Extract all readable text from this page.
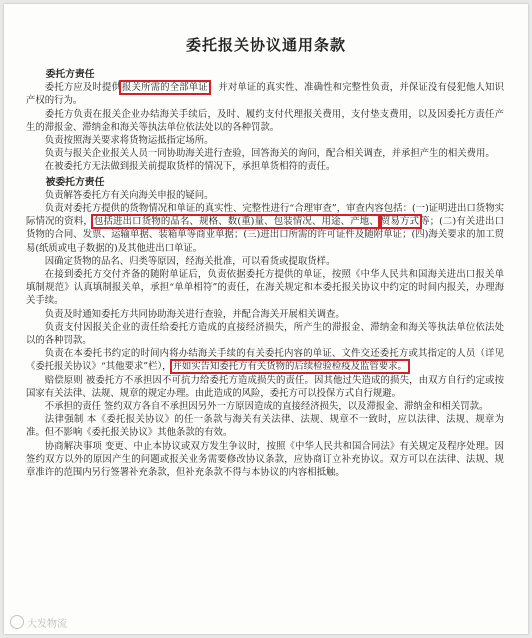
委托报关协议通用条款
委托方责任

委托方应及时提供报关所需的全部单证，并对单证的真实性、准确性和完整性负责，并保证没有侵犯他人知识产权的行为。

委托方负责在报关企业办结海关手续后，及时、履约支付代理报关费用，支付垫支费用，以及因委托方责任产生的滞报金、滞纳金和海关等执法单位依法处以的各种罚款。

负责按照海关要求将货物运抵指定场所。

负责与报关企业报关人员一同协助海关进行查验，回答海关的询问，配合相关调查，并承担产生的相关费用。

在被委托方无法做到报关前提取货样的情况下，承担单货相符的责任。

被委托方责任

负责解答委托方有关向海关申报的疑问。

负责对委托方提供的货物情况和单证的真实性、完整性进行“合理审查”，审查内容包括：(一)证明进出口货物实际情况的资料，包括进出口货物的品名、规格、数(重)量、包装情况、用途、产地、 贸易方式等；(二)有关进出口货物的合同、发票、运输单据、装箱单等商业单据；(三)进出口所需的许可证件及随附单证；(四)海关要求的加工贸易(纸质或电子数据的)及其他进出口单证。

因确定货物的品名、归类等原因，经海关批准，可以看货或提取货样。

在接到委托方交付齐备的随附单证后，负责依据委托方提供的单证，按照《中华人民共和国海关进出口报关单填制规范》认真填制报关单，承担“单单相符”的责任，在海关规定和本委托报关协议中约定的时间内报关，办理海关手续。

负责及时通知委托方共同协助海关进行查验，并配合海关开展相关调查。

负责支付因报关企业的责任给委托方造成的直接经济损失，所产生的滞报金、滞纳金和海关等执法单位依法处以的各种罚款。

负责在本委托书约定的时间内将办结海关手续的有关委托内容的单证、文件交还委托方或其指定的人员（详见《委托报关协议》“其他要求”栏），并如实告知委托方有关货物的后续检验检疫及监管要求。

赔偿原则 被委托方不承担因不可抗力给委托方造成损失的责任。因其他过失造成的损失，由双方自行约定或按国家有关法律、法规、规章的规定办理。由此造成的风险，委托方可以投保方式自行规避。

不承担的责任 签约双方各自不承担因另外一方原因造成的直接经济损失，以及滞报金、滞纳金和相关罚款。

法律强制 本《委托报关协议》的任一条款与海关有关法律、法规、规章不一致时，应以法律、法规、规章为准。但不影响《委托报关协议》其他条款的有效。

协商解决事项 变更、中止本协议或双方发生争议时，按照《中华人民共和国合同法》有关规定及程序处理。因签约双方以外的原因产生的问题或报关业务需要修改协议条款，应协商订立补充协议。双方可以在法律、法规、规章准许的范围内另行签署补充条款，但补充条款不得与本协议的内容相抵触。

大发物流
